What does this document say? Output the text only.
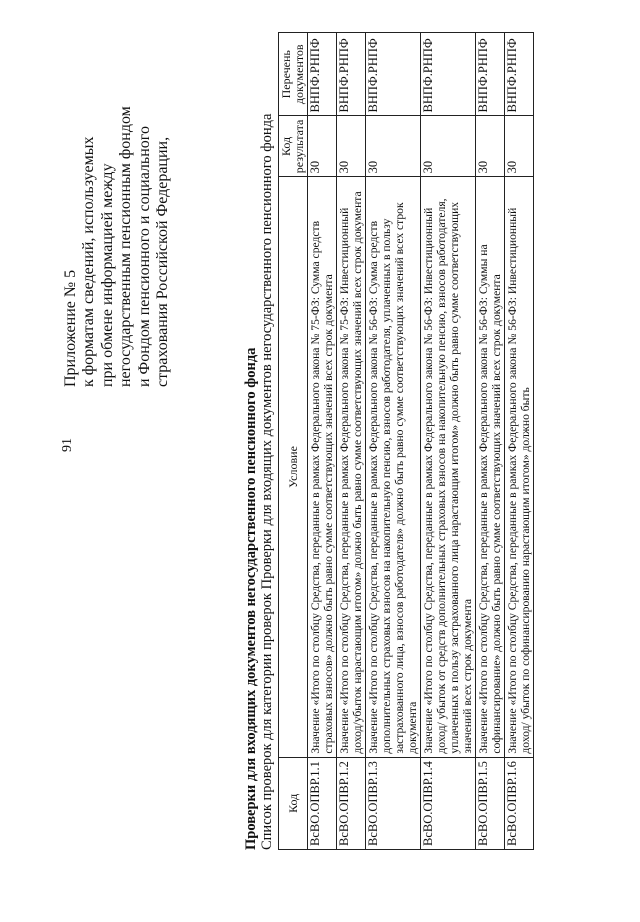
91
Приложение № 5 к форматам сведений, используемых при обмене информацией между негосударственным пенсионным фондом и Фондом пенсионного и социального страхования Российской Федерации,
Проверки для входящих документов негосударственного пенсионного фонда Список проверок для категории проверок Проверки для входящих документов негосударственного пенсионного фонда Код	Условие	Код результата	Перечень документов
ВсВО.ОПВР.1.1	Значение «Итого по столбцу Средства, переданные в рамках Федерального закона № 75-ФЗ: Сумма средств страховых взносов» должно быть равно сумме соответствующих значений всех строк документа	30	ВНПФ.РНПФ
ВсВО.ОПВР.1.2	Значение «Итого по столбцу Средства, переданные в рамках Федерального закона № 75-ФЗ: Инвестиционный доход/убыток нарастающим итогом» должно быть равно сумме соответствующих значений всех строк документа	30	ВНПФ.РНПФ
ВсВО.ОПВР.1.3	Значение «Итого по столбцу Средства, переданные в рамках Федерального закона № 56-ФЗ: Сумма средств дополнительных страховых взносов на накопительную пенсию, взносов работодателя, уплаченных в пользу застрахованного лица, взносов работодателя» должно быть равно сумме соответствующих значений всех строк документа	30	ВНПФ.РНПФ
ВсВО.ОПВР.1.4	Значение «Итого по столбцу Средства, переданные в рамках Федерального закона № 56-ФЗ: Инвестиционный доход/ убыток от средств дополнительных страховых взносов на накопительную пенсию, взносов работодателя, уплаченных в пользу застрахованного лица нарастающим итогом» должно быть равно сумме соответствующих значений всех строк документа	30	ВНПФ.РНПФ
ВсВО.ОПВР.1.5	Значение «Итого по столбцу Средства, переданные в рамках Федерального закона № 56-ФЗ: Суммы на софинансирование» должно быть равно сумме соответствующих значений всех строк документа	30	ВНПФ.РНПФ
ВсВО.ОПВР.1.6	Значение «Итого по столбцу Средства, переданные в рамках Федерального закона № 56-ФЗ: Инвестиционный доход/ убыток по софинансированию нарастающим итогом» должно быть	30	ВНПФ.РНПФ
